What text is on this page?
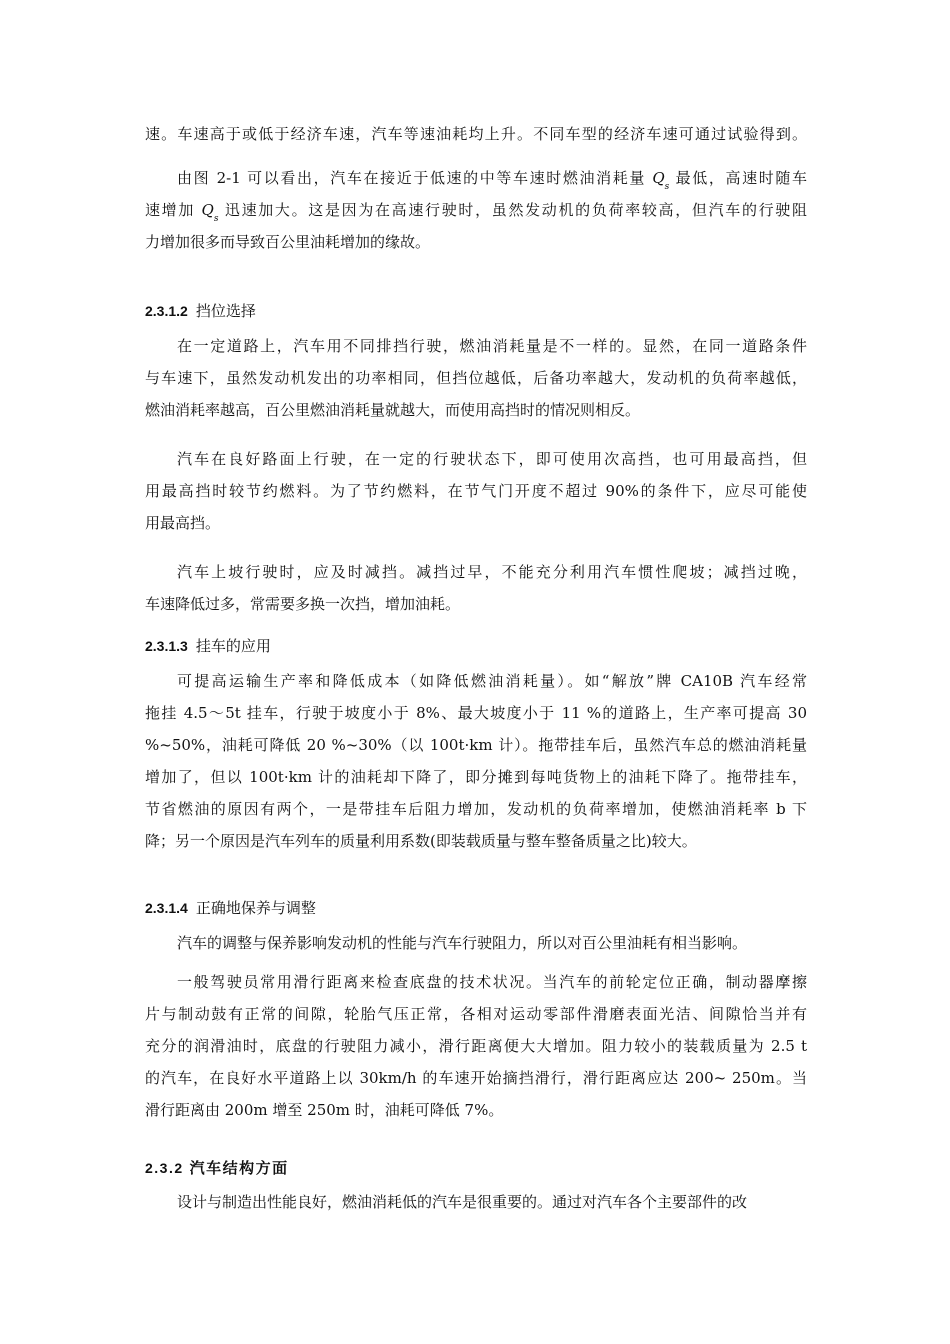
速。车速高于或低于经济车速，汽车等速油耗均上升。不同车型的经济车速可通过试验得到。
由图 2-1 可以看出，汽车在接近于低速的中等车速时燃油消耗量 $Q_s$ 最低，高速时随车
速增加 $Q_s$ 迅速加大。这是因为在高速行驶时，虽然发动机的负荷率较高，但汽车的行驶阻
力增加很多而导致百公里油耗增加的缘故。
2.3.1.2 挡位选择
在一定道路上，汽车用不同排挡行驶，燃油消耗量是不一样的。显然，在同一道路条件
与车速下，虽然发动机发出的功率相同，但挡位越低，后备功率越大，发动机的负荷率越低，
燃油消耗率越高，百公里燃油消耗量就越大，而使用高挡时的情况则相反。
汽车在良好路面上行驶，在一定的行驶状态下，即可使用次高挡，也可用最高挡，但
用最高挡时较节约燃料。为了节约燃料，在节气门开度不超过 90%的条件下，应尽可能使
用最高挡。
汽车上坡行驶时，应及时减挡。减挡过早，不能充分利用汽车惯性爬坡；减挡过晚，
车速降低过多，常需要多换一次挡，增加油耗。
2.3.1.3 挂车的应用
可提高运输生产率和降低成本（如降低燃油消耗量）。如“解放”牌 CA10B 汽车经常
拖挂 4.5～5t 挂车，行驶于坡度小于 8%、最大坡度小于 11 %的道路上，生产率可提高 30
%~50%，油耗可降低 20 %~30%（以 100t·km 计）。拖带挂车后，虽然汽车总的燃油消耗量
增加了，但以 100t·km 计的油耗却下降了，即分摊到每吨货物上的油耗下降了。拖带挂车，
节省燃油的原因有两个，一是带挂车后阻力增加，发动机的负荷率增加，使燃油消耗率 b 下
降；另一个原因是汽车列车的质量利用系数(即装载质量与整车整备质量之比)较大。
2.3.1.4 正确地保养与调整
汽车的调整与保养影响发动机的性能与汽车行驶阻力，所以对百公里油耗有相当影响。
一般驾驶员常用滑行距离来检查底盘的技术状况。当汽车的前轮定位正确，制动器摩擦
片与制动鼓有正常的间隙，轮胎气压正常，各相对运动零部件滑磨表面光洁、间隙恰当并有
充分的润滑油时，底盘的行驶阻力减小，滑行距离便大大增加。阻力较小的装载质量为 2.5 t
的汽车，在良好水平道路上以 30km/h 的车速开始摘挡滑行，滑行距离应达 200~ 250m。当
滑行距离由 200m 增至 250m 时，油耗可降低 7%。
2.3.2 汽车结构方面
设计与制造出性能良好，燃油消耗低的汽车是很重要的。通过对汽车各个主要部件的改
